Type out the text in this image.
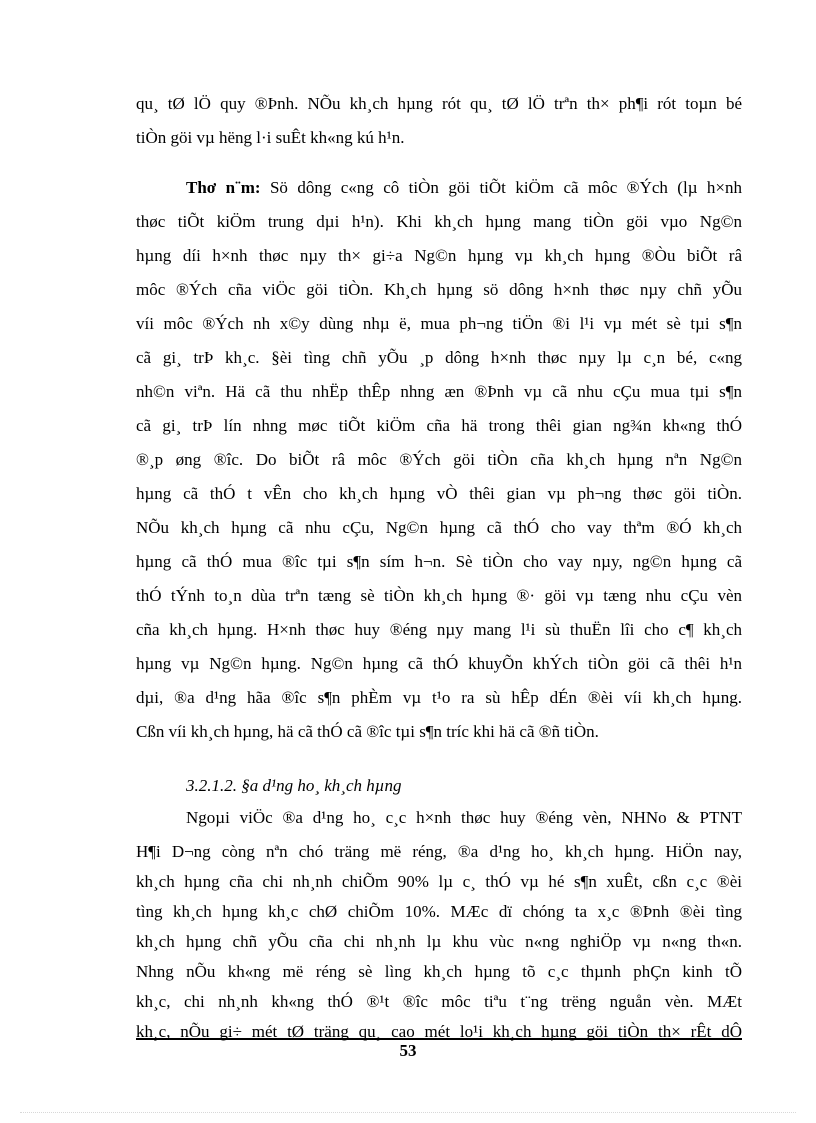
qu¸ tØ lÖ quy ®Þnh. NÕu kh¸ch hµng rót qu¸ tØ lÖ trªn th× ph¶i rót toµn bé
tiÒn göi vµ hëng l·i suÊt kh«ng kú h¹n.
Thơ n¨m: Sö dông c«ng cô tiÒn göi tiÕt kiÖm cã môc ®Ých (lµ h×nh
thøc tiÕt kiÖm trung dµi h¹n). Khi kh¸ch hµng mang tiÒn göi vµo Ng©n
hµng díi h×nh thøc nµy th× gi÷a Ng©n hµng vµ kh¸ch hµng ®Òu biÕt râ
môc ®Ých cña viÖc göi tiÒn. Kh¸ch hµng sö dông h×nh thøc nµy chñ yÕu
víi môc ®Ých nh x©y dùng nhµ ë, mua ph¬ng tiÖn ®i l¹i vµ mét sè tµi s¶n
cã gi¸ trÞ kh¸c. §èi tìng chñ yÕu ¸p dông h×nh thøc nµy lµ c¸n bé, c«ng
nh©n viªn. Hä cã thu nhËp thÊp nhng æn ®Þnh vµ cã nhu cÇu mua tµi s¶n
cã gi¸ trÞ lín nhng møc tiÕt kiÖm cña hä trong thêi gian ng¾n kh«ng thÓ
®¸p øng ®îc. Do biÕt râ môc ®Ých göi tiÒn cña kh¸ch hµng nªn Ng©n
hµng cã thÓ t vÊn cho kh¸ch hµng vÒ thêi gian vµ ph¬ng thøc göi tiÒn.
NÕu kh¸ch hµng cã nhu cÇu, Ng©n hµng cã thÓ cho vay thªm ®Ó kh¸ch
hµng cã thÓ mua ®îc tµi s¶n sím h¬n. Sè tiÒn cho vay nµy, ng©n hµng cã
thÓ tÝnh to¸n dùa trªn tæng sè tiÒn kh¸ch hµng ®· göi vµ tæng nhu cÇu vèn
cña kh¸ch hµng. H×nh thøc huy ®éng nµy mang l¹i sù thuËn lîi cho c¶ kh¸ch
hµng vµ Ng©n hµng. Ng©n hµng cã thÓ khuyÕn khÝch tiÒn göi cã thêi h¹n
dµi, ®a d¹ng hãa ®îc s¶n phÈm vµ t¹o ra sù hÊp dÉn ®èi víi kh¸ch hµng.
Cßn víi kh¸ch hµng, hä cã thÓ cã ®îc tµi s¶n tríc khi hä cã ®ñ tiÒn.
3.2.1.2. §a d¹ng ho¸ kh¸ch hµng
Ngoµi viÖc ®a d¹ng ho¸ c¸c h×nh thøc huy ®éng vèn, NHNo & PTNT
H¶i D¬ng còng nªn chó träng më réng, ®a d¹ng ho¸ kh¸ch hµng. HiÖn nay,
kh¸ch hµng cña chi nh¸nh chiÕm 90% lµ c¸ thÓ vµ hé s¶n xuÊt, cßn c¸c ®èi
tìng kh¸ch hµng kh¸c chØ chiÕm 10%. MÆc dï chóng ta x¸c ®Þnh ®èi tìng
kh¸ch hµng chñ yÕu cña chi nh¸nh lµ khu vùc n«ng nghiÖp vµ n«ng th«n.
Nhng nÕu kh«ng më réng sè lìng kh¸ch hµng tõ c¸c thµnh phÇn kinh tÕ
53
kh¸c, chi nh¸nh kh«ng thÓ ®¹t ®îc môc tiªu t¨ng trëng nguån vèn. MÆt
kh¸c, nÕu gi÷ mét tØ träng qu¸ cao mét lo¹i kh¸ch hµng göi tiÒn th× rÊt dÔ
